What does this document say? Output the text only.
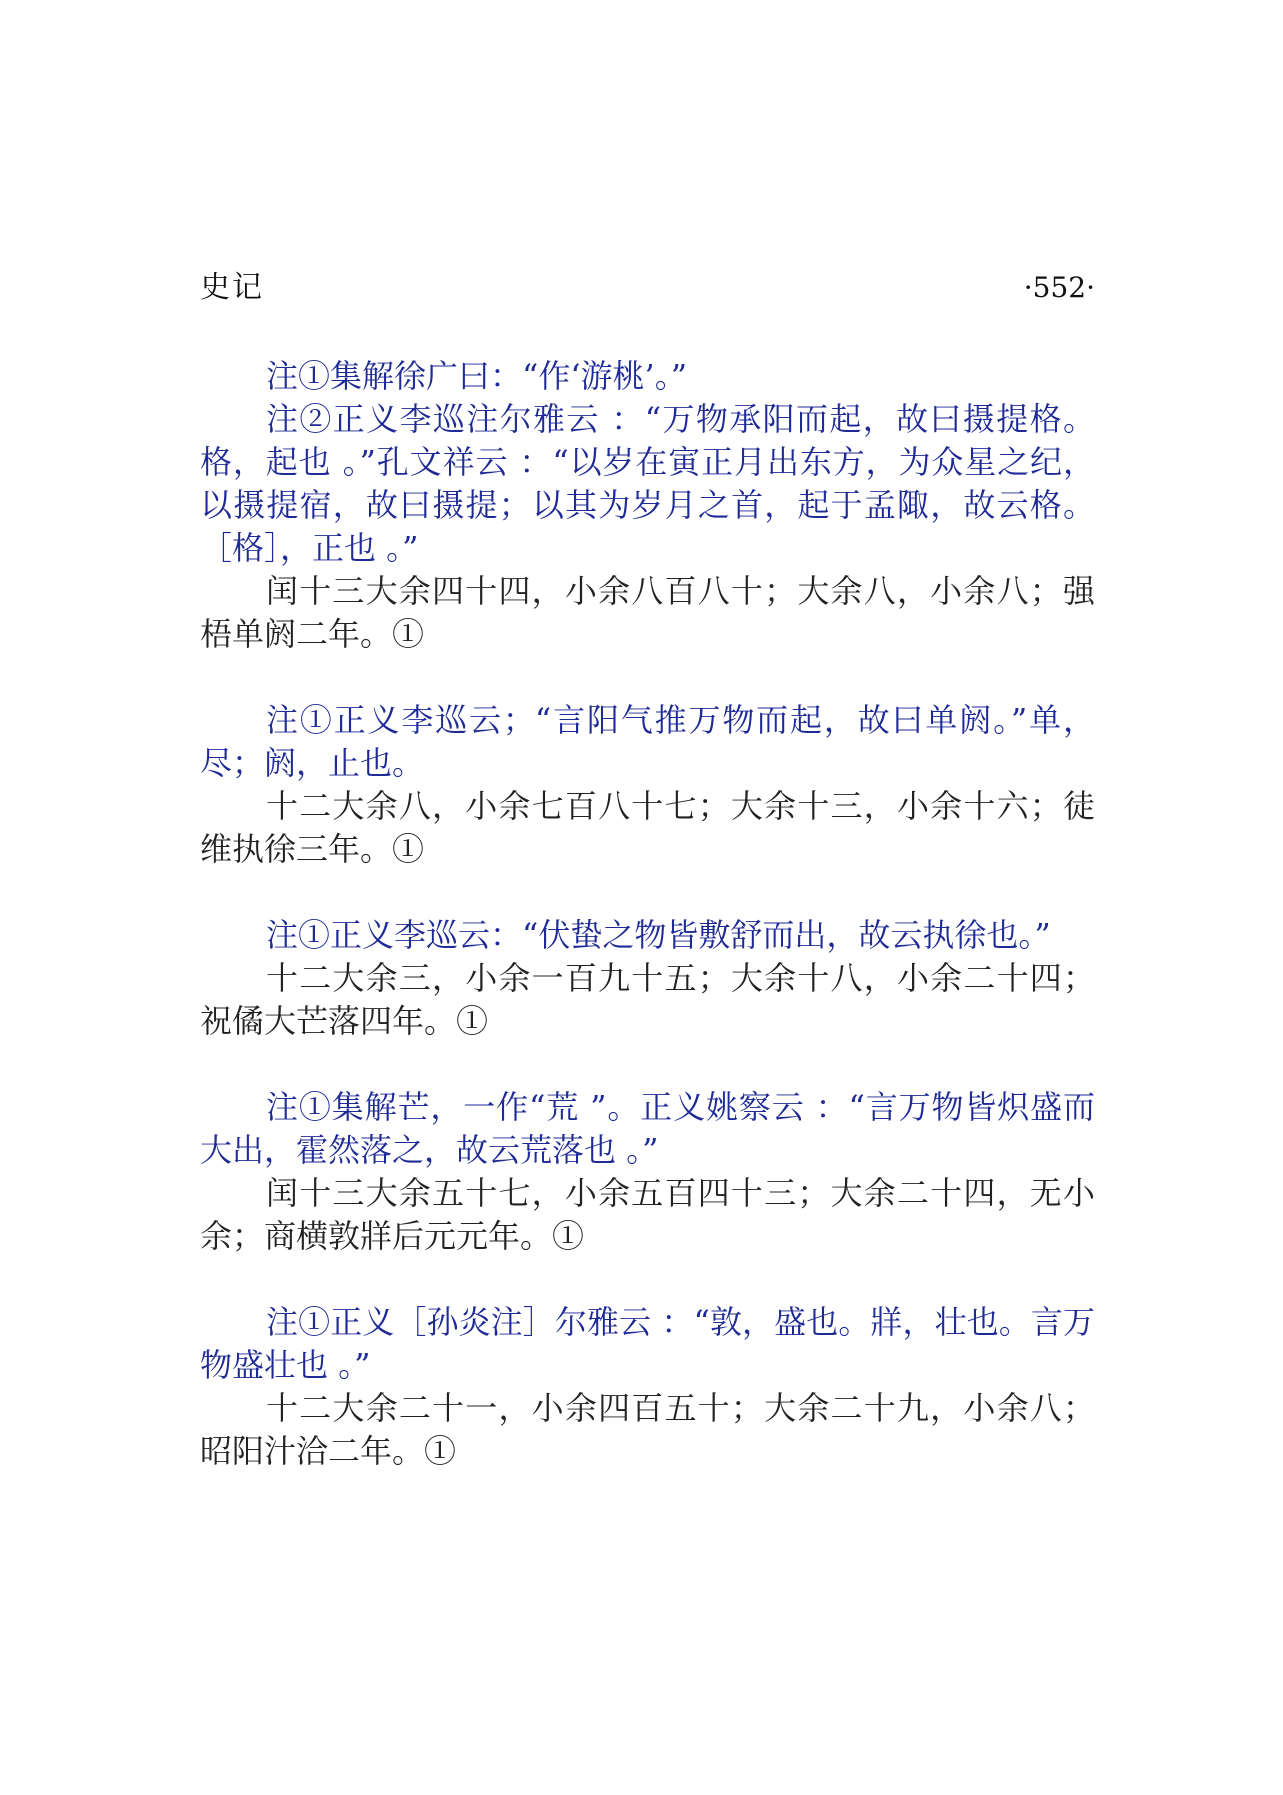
史记	·552·

注①集解徐广曰：“作‘游桃’。”

注②正义李巡注尔雅云 ：“万物承阳而起，故曰摄提格。格，起也 。”孔文祥云 ：“以岁在寅正月出东方，为众星之纪，以摄提宿，故曰摄提；以其为岁月之首，起于孟陬，故云格。［格］，正也 。”

闰十三大余四十四，小余八百八十；大余八，小余八；强梧单阏二年。①

注①正义李巡云；“言阳气推万物而起，故曰单阏。”单，尽；阏，止也。

十二大余八，小余七百八十七；大余十三，小余十六；徒维执徐三年。①

注①正义李巡云：“伏蛰之物皆敷舒而出，故云执徐也。”

十二大余三，小余一百九十五；大余十八，小余二十四；祝僪大芒落四年。①

注①集解芒，一作“荒 ”。正义姚察云 ：“言万物皆炽盛而大出，霍然落之，故云荒落也 。”

闰十三大余五十七，小余五百四十三；大余二十四，无小余；商横敦牂后元元年。①

注①正义［孙炎注］尔雅云 ：“敦，盛也。牂，壮也。言万物盛壮也 。”

十二大余二十一，小余四百五十；大余二十九，小余八；昭阳汁洽二年。①
